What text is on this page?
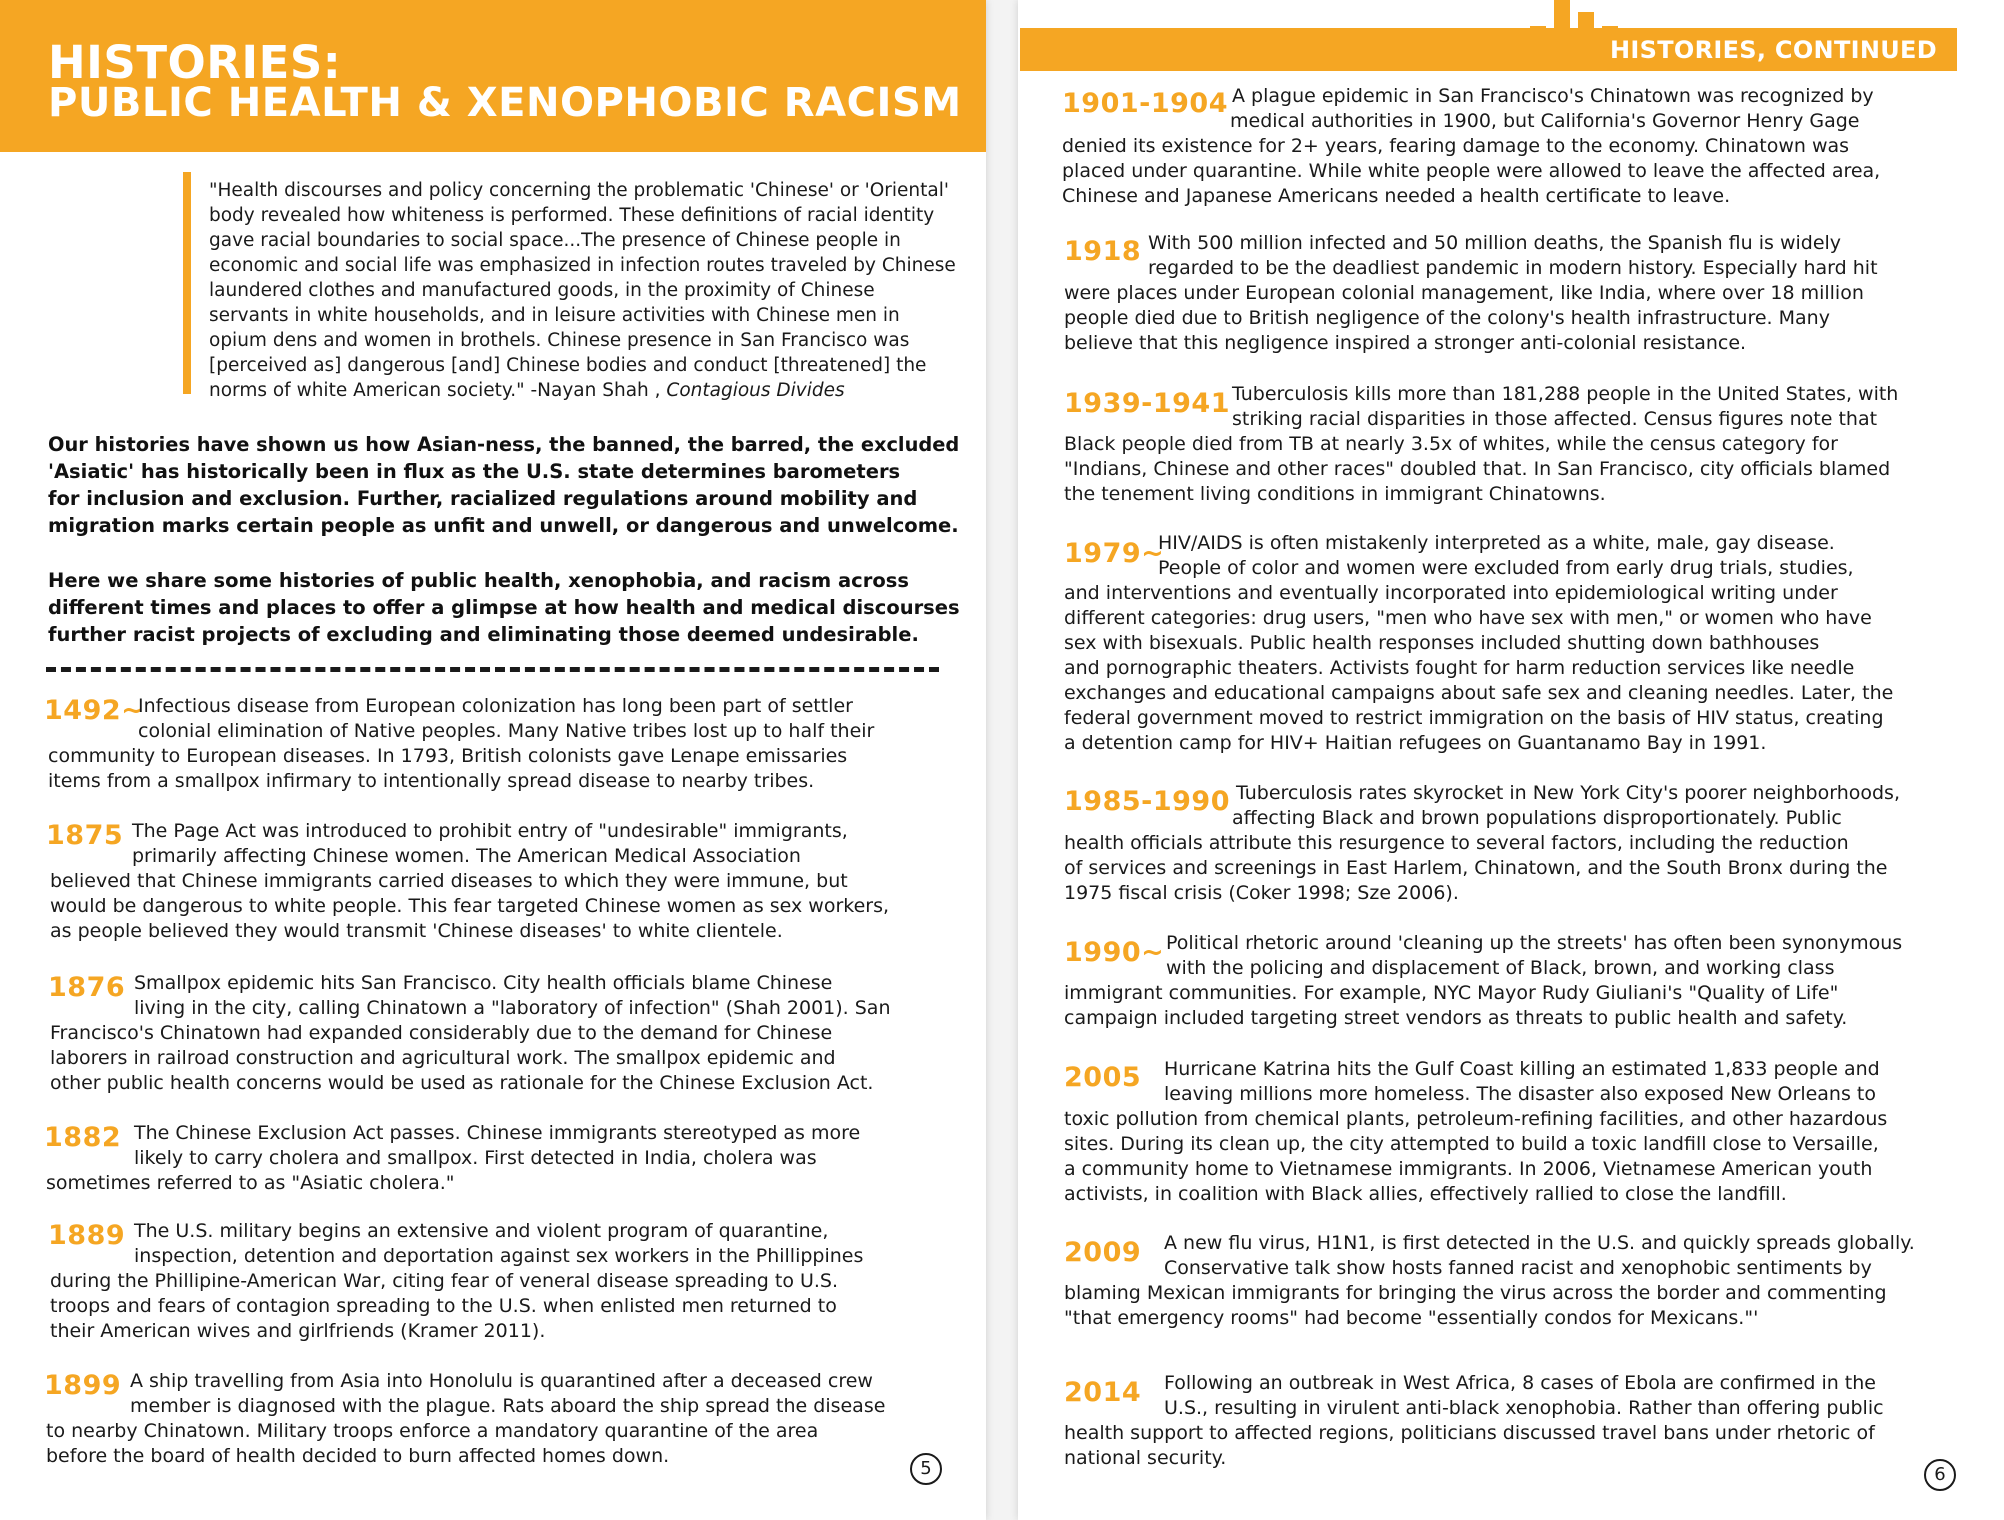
HISTORIES:
PUBLIC HEALTH & XENOPHOBIC RACISM
"Health discourses and policy concerning the problematic 'Chinese' or 'Oriental'
body revealed how whiteness is performed. These definitions of racial identity
gave racial boundaries to social space...The presence of Chinese people in
economic and social life was emphasized in infection routes traveled by Chinese
laundered clothes and manufactured goods, in the proximity of Chinese
servants in white households, and in leisure activities with Chinese men in
opium dens and women in brothels. Chinese presence in San Francisco was
[perceived as] dangerous [and] Chinese bodies and conduct [threatened] the
norms of white American society." -Nayan Shah , Contagious Divides
Our histories have shown us how Asian-ness, the banned, the barred, the excluded
'Asiatic' has historically been in flux as the U.S. state determines barometers
for inclusion and exclusion. Further, racialized regulations around mobility and
migration marks certain people as unfit and unwell, or dangerous and unwelcome.
Here we share some histories of public health, xenophobia, and racism across
different times and places to offer a glimpse at how health and medical discourses
further racist projects of excluding and eliminating those deemed undesirable.
1492~
Infectious disease from European colonization has long been part of settler
colonial elimination of Native peoples. Many Native tribes lost up to half their
community to European diseases. In 1793, British colonists gave Lenape emissaries
items from a smallpox infirmary to intentionally spread disease to nearby tribes.
1875 The Page Act was introduced to prohibit entry of "undesirable" immigrants,
primarily affecting Chinese women. The American Medical Association
believed that Chinese immigrants carried diseases to which they were immune, but
would be dangerous to white people. This fear targeted Chinese women as sex workers,
as people believed they would transmit 'Chinese diseases' to white clientele.
1876 Smallpox epidemic hits San Francisco. City health officials blame Chinese
living in the city, calling Chinatown a "laboratory of infection" (Shah 2001). San
Francisco's Chinatown had expanded considerably due to the demand for Chinese
laborers in railroad construction and agricultural work. The smallpox epidemic and
other public health concerns would be used as rationale for the Chinese Exclusion Act.
1882 The Chinese Exclusion Act passes. Chinese immigrants stereotyped as more
likely to carry cholera and smallpox. First detected in India, cholera was
sometimes referred to as "Asiatic cholera."
1889 The U.S. military begins an extensive and violent program of quarantine,
inspection, detention and deportation against sex workers in the Phillippines
during the Phillipine-American War, citing fear of veneral disease spreading to U.S.
troops and fears of contagion spreading to the U.S. when enlisted men returned to
their American wives and girlfriends (Kramer 2011).
1899 A ship travelling from Asia into Honolulu is quarantined after a deceased crew
member is diagnosed with the plague. Rats aboard the ship spread the disease
to nearby Chinatown. Military troops enforce a mandatory quarantine of the area
before the board of health decided to burn affected homes down.
5
HISTORIES, CONTINUED
1901-1904 A plague epidemic in San Francisco's Chinatown was recognized by
medical authorities in 1900, but California's Governor Henry Gage
denied its existence for 2+ years, fearing damage to the economy. Chinatown was
placed under quarantine. While white people were allowed to leave the affected area,
Chinese and Japanese Americans needed a health certificate to leave.
1918 With 500 million infected and 50 million deaths, the Spanish flu is widely
regarded to be the deadliest pandemic in modern history. Especially hard hit
were places under European colonial management, like India, where over 18 million
people died due to British negligence of the colony's health infrastructure. Many
believe that this negligence inspired a stronger anti-colonial resistance.
1939-1941 Tuberculosis kills more than 181,288 people in the United States, with
striking racial disparities in those affected. Census figures note that
Black people died from TB at nearly 3.5x of whites, while the census category for
"Indians, Chinese and other races" doubled that. In San Francisco, city officials blamed
the tenement living conditions in immigrant Chinatowns.
1979~
HIV/AIDS is often mistakenly interpreted as a white, male, gay disease.
People of color and women were excluded from early drug trials, studies,
and interventions and eventually incorporated into epidemiological writing under
different categories: drug users, "men who have sex with men," or women who have
sex with bisexuals. Public health responses included shutting down bathhouses
and pornographic theaters. Activists fought for harm reduction services like needle
exchanges and educational campaigns about safe sex and cleaning needles. Later, the
federal government moved to restrict immigration on the basis of HIV status, creating
a detention camp for HIV+ Haitian refugees on Guantanamo Bay in 1991.
1985-1990 Tuberculosis rates skyrocket in New York City's poorer neighborhoods,
affecting Black and brown populations disproportionately. Public
health officials attribute this resurgence to several factors, including the reduction
of services and screenings in East Harlem, Chinatown, and the South Bronx during the
1975 fiscal crisis (Coker 1998; Sze 2006).
1990~ Political rhetoric around 'cleaning up the streets' has often been synonymous
with the policing and displacement of Black, brown, and working class
immigrant communities. For example, NYC Mayor Rudy Giuliani's "Quality of Life"
campaign included targeting street vendors as threats to public health and safety.
2005 Hurricane Katrina hits the Gulf Coast killing an estimated 1,833 people and
leaving millions more homeless. The disaster also exposed New Orleans to
toxic pollution from chemical plants, petroleum-refining facilities, and other hazardous
sites. During its clean up, the city attempted to build a toxic landfill close to Versaille,
a community home to Vietnamese immigrants. In 2006, Vietnamese American youth
activists, in coalition with Black allies, effectively rallied to close the landfill.
2009 A new flu virus, H1N1, is first detected in the U.S. and quickly spreads globally.
Conservative talk show hosts fanned racist and xenophobic sentiments by
blaming Mexican immigrants for bringing the virus across the border and commenting
"that emergency rooms" had become "essentially condos for Mexicans."'
2014 Following an outbreak in West Africa, 8 cases of Ebola are confirmed in the
U.S., resulting in virulent anti-black xenophobia. Rather than offering public
health support to affected regions, politicians discussed travel bans under rhetoric of
national security.
6
